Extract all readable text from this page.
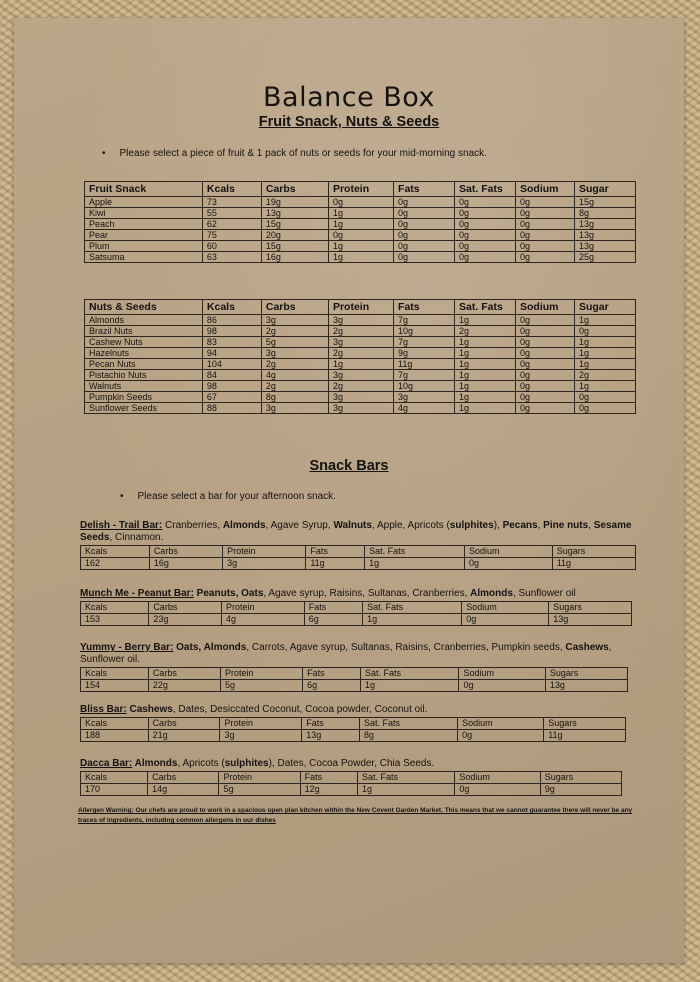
Balance Box
Fruit Snack, Nuts & Seeds
• Please select a piece of fruit & 1 pack of nuts or seeds for your mid-morning snack.
Fruit Snack	Kcals	Carbs	Protein	Fats	Sat. Fats	Sodium	Sugar
Apple	73	19g	0g	0g	0g	0g	15g
Kiwi	55	13g	1g	0g	0g	0g	8g
Peach	62	15g	1g	0g	0g	0g	13g
Pear	75	20g	0g	0g	0g	0g	13g
Plum	60	15g	1g	0g	0g	0g	13g
Satsuma	63	16g	1g	0g	0g	0g	25g
Nuts & Seeds	Kcals	Carbs	Protein	Fats	Sat. Fats	Sodium	Sugar
Almonds	86	3g	3g	7g	1g	0g	1g
Brazil Nuts	98	2g	2g	10g	2g	0g	0g
Cashew Nuts	83	5g	3g	7g	1g	0g	1g
Hazelnuts	94	3g	2g	9g	1g	0g	1g
Pecan Nuts	104	2g	1g	11g	1g	0g	1g
Pistachio Nuts	84	4g	3g	7g	1g	0g	2g
Walnuts	98	2g	2g	10g	1g	0g	1g
Pumpkin Seeds	67	8g	3g	3g	1g	0g	0g
Sunflower Seeds	88	3g	3g	4g	1g	0g	0g
Snack Bars
• Please select a bar for your afternoon snack.
Delish - Trail Bar: Cranberries, Almonds, Agave Syrup, Walnuts, Apple, Apricots (sulphites), Pecans, Pine nuts, Sesame Seeds, Cinnamon.
Kcals	Carbs	Protein	Fats	Sat. Fats	Sodium	Sugars
162	16g	3g	11g	1g	0g	11g
Munch Me - Peanut Bar: Peanuts, Oats, Agave syrup, Raisins, Sultanas, Cranberries, Almonds, Sunflower oil
Kcals	Carbs	Protein	Fats	Sat. Fats	Sodium	Sugars
153	23g	4g	6g	1g	0g	13g
Yummy - Berry Bar: Oats, Almonds, Carrots, Agave syrup, Sultanas, Raisins, Cranberries, Pumpkin seeds, Cashews, Sunflower oil.
Kcals	Carbs	Protein	Fats	Sat. Fats	Sodium	Sugars
154	22g	5g	6g	1g	0g	13g
Bliss Bar: Cashews, Dates, Desiccated Coconut, Cocoa powder, Coconut oil.
Kcals	Carbs	Protein	Fats	Sat. Fats	Sodium	Sugars
188	21g	3g	13g	8g	0g	11g
Dacca Bar: Almonds, Apricots (sulphites), Dates, Cocoa Powder, Chia Seeds.
Kcals	Carbs	Protein	Fats	Sat. Fats	Sodium	Sugars
170	14g	5g	12g	1g	0g	9g
Allergen Warning: Our chefs are proud to work in a spacious open plan kitchen within the New Covent Garden Market. This means that we cannot guarantee there will never be any traces of ingredients, including common allergens in our dishes
